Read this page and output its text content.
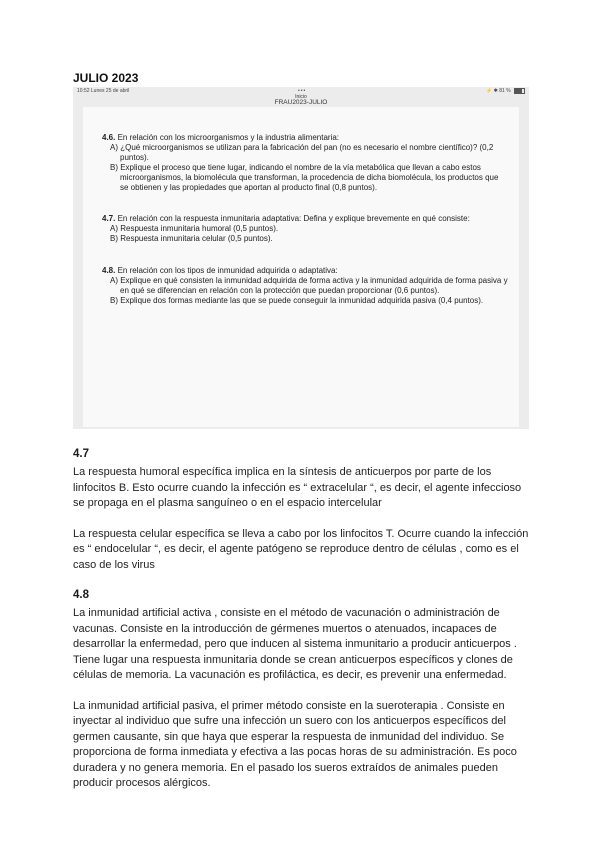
JULIO 2023
10:52 Lunes 25 de abril	•••	⚡ ✱ 81 %
Inicio
FRAU2023-JULIO
4.6. En relación con los microorganismos y la industria alimentaria:
A) ¿Qué microorganismos se utilizan para la fabricación del pan (no es necesario el nombre científico)? (0,2 puntos).
B) Explique el proceso que tiene lugar, indicando el nombre de la vía metabólica que llevan a cabo estos microorganismos, la biomolécula que transforman, la procedencia de dicha biomolécula, los productos que se obtienen y las propiedades que aportan al producto final (0,8 puntos).
4.7. En relación con la respuesta inmunitaria adaptativa: Defina y explique brevemente en qué consiste:
A) Respuesta inmunitaria humoral (0,5 puntos).
B) Respuesta inmunitaria celular (0,5 puntos).
4.8. En relación con los tipos de inmunidad adquirida o adaptativa:
A) Explique en qué consisten la inmunidad adquirida de forma activa y la inmunidad adquirida de forma pasiva y en qué se diferencian en relación con la protección que puedan proporcionar (0,6 puntos).
B) Explique dos formas mediante las que se puede conseguir la inmunidad adquirida pasiva (0,4 puntos).
4.7

La respuesta humoral específica implica en la síntesis de anticuerpos por parte de los linfocitos B. Esto ocurre cuando la infección es “ extracelular “, es decir, el agente infeccioso se propaga en el plasma sanguíneo o en el espacio intercelular

La respuesta celular específica se lleva a cabo por los linfocitos T. Ocurre cuando la infección es “ endocelular “, es decir, el agente patógeno se reproduce dentro de células , como es el caso de los virus

4.8

La inmunidad artificial activa , consiste en el método de vacunación o administración de vacunas. Consiste en la introducción de gérmenes muertos o atenuados, incapaces de desarrollar la enfermedad, pero que inducen al sistema inmunitario a producir anticuerpos . Tiene lugar una respuesta inmunitaria donde se crean anticuerpos específicos y clones de células de memoria. La vacunación es profiláctica, es decir, es prevenir una enfermedad.

La inmunidad artificial pasiva, el primer método consiste en la sueroterapia . Consiste en inyectar al individuo que sufre una infección un suero con los anticuerpos específicos del germen causante, sin que haya que esperar la respuesta de inmunidad del individuo. Se proporciona de forma inmediata y efectiva a las pocas horas de su administración. Es poco duradera y no genera memoria. En el pasado los sueros extraídos de animales pueden producir procesos alérgicos.
